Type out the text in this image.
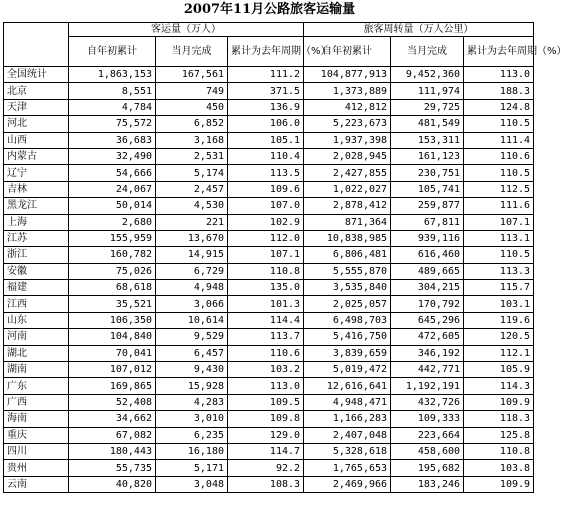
2007年11月公路旅客运输量
	客运量（万人）			旅客周转量（万人公里）		
	自年初累计	当月完成	累计为去年周期（%）	自年初累计	当月完成	累计为去年周期（%）
全国统计	1,863,153	167,561	111.2	104,877,913	9,452,360	113.0
北京	8,551	749	371.5	1,373,889	111,974	188.3
天津	4,784	450	136.9	412,812	29,725	124.8
河北	75,572	6,852	106.0	5,223,673	481,549	110.5
山西	36,683	3,168	105.1	1,937,398	153,311	111.4
内蒙古	32,490	2,531	110.4	2,028,945	161,123	110.6
辽宁	54,666	5,174	113.5	2,427,855	230,751	110.5
吉林	24,067	2,457	109.6	1,022,027	105,741	112.5
黑龙江	50,014	4,530	107.0	2,878,412	259,877	111.6
上海	2,680	221	102.9	871,364	67,811	107.1
江苏	155,959	13,670	112.0	10,838,985	939,116	113.1
浙江	160,782	14,915	107.1	6,806,481	616,460	110.5
安徽	75,026	6,729	110.8	5,555,870	489,665	113.3
福建	68,618	4,948	135.0	3,535,840	304,215	115.7
江西	35,521	3,066	101.3	2,025,057	170,792	103.1
山东	106,350	10,614	114.4	6,498,703	645,296	119.6
河南	104,840	9,529	113.7	5,416,750	472,605	120.5
湖北	70,041	6,457	110.6	3,839,659	346,192	112.1
湖南	107,012	9,430	103.2	5,019,472	442,771	105.9
广东	169,865	15,928	113.0	12,616,641	1,192,191	114.3
广西	52,408	4,283	109.5	4,948,471	432,726	109.9
海南	34,662	3,010	109.8	1,166,283	109,333	118.3
重庆	67,082	6,235	129.0	2,407,048	223,664	125.8
四川	180,443	16,180	114.7	5,328,618	458,600	110.8
贵州	55,735	5,171	92.2	1,765,653	195,682	103.8
云南	40,820	3,048	108.3	2,469,966	183,246	109.9
